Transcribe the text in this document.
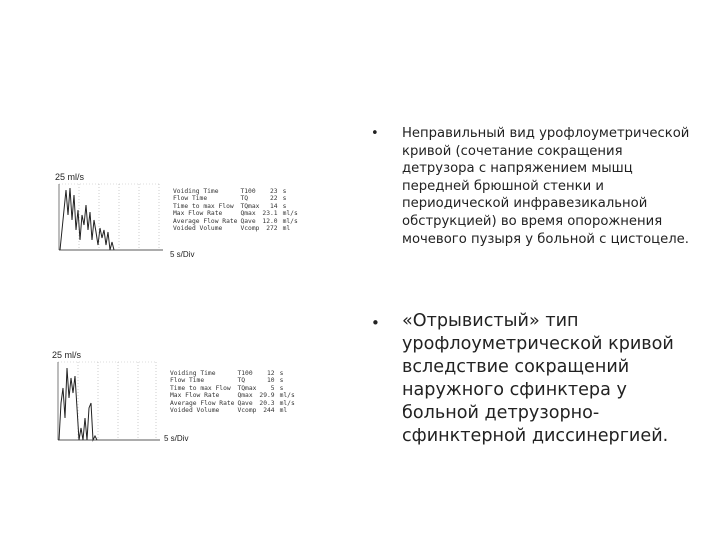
25 ml/s
5 s/Div
Voiding Time	T100	23	s
Flow Time	TQ	22	s
Time to max Flow	TQmax	14	s
Max Flow Rate	Qmax	23.1	ml/s
Average Flow Rate	Qave	12.0	ml/s
Voided Volume	Vcomp	272	ml
25 ml/s
5 s/Div
Voiding Time	T100	12	s
Flow Time	TQ	10	s
Time to max Flow	TQmax	5	s
Max Flow Rate	Qmax	29.9	ml/s
Average Flow Rate	Qave	20.3	ml/s
Voided Volume	Vcomp	244	ml
• Неправильный вид урофлоуметрической кривой (сочетание сокращения детрузора с напряжением мышц передней брюшной стенки и периодической инфравезикальной обструкцией) во время опорожнения мочевого пузыря у больной с цистоцеле.
• «Отрывистый» тип урофлоуметрической кривой вследствие сокращений наружного сфинктера у больной детрузорно-сфинктерной диссинергией.
